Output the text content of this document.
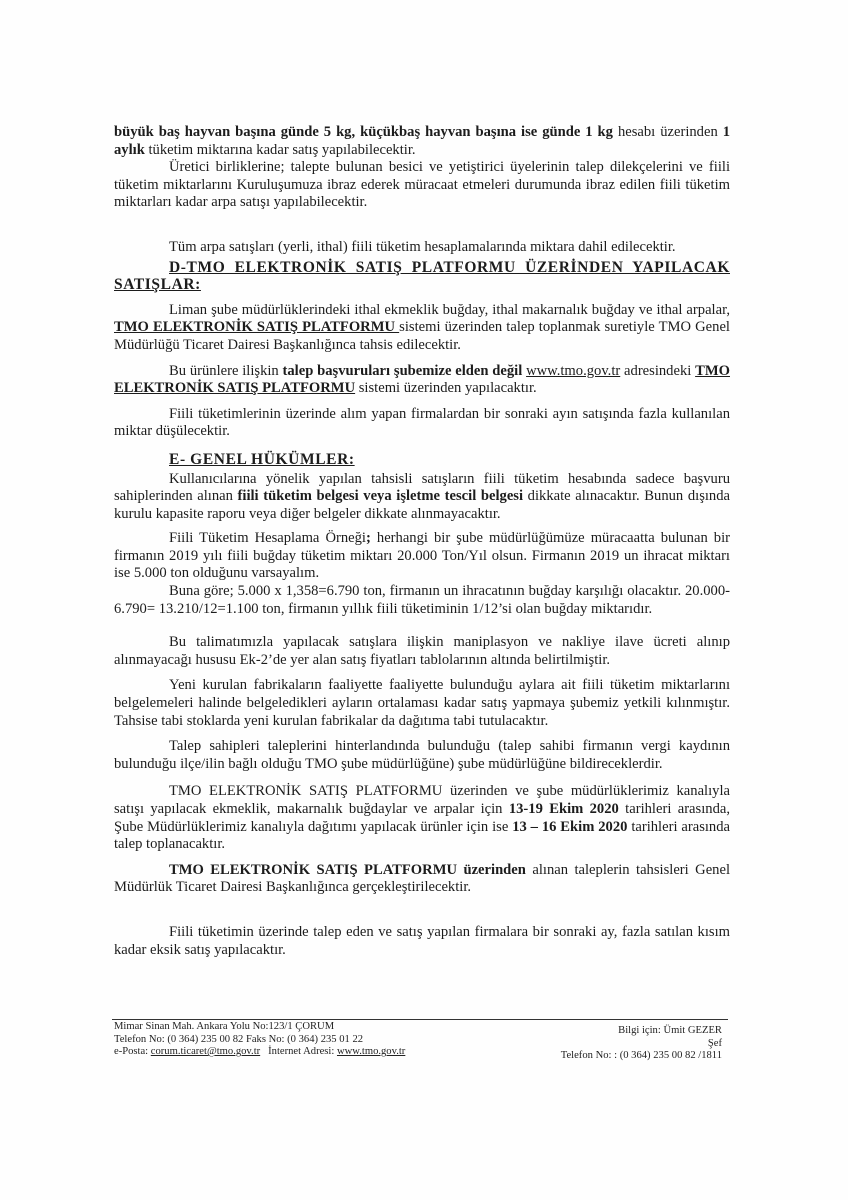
büyük baş hayvan başına günde 5 kg, küçükbaş hayvan başına ise günde 1 kg hesabı üzerinden 1 aylık tüketim miktarına kadar satış yapılabilecektir.

Üretici birliklerine; talepte bulunan besici ve yetiştirici üyelerinin talep dilekçelerini ve fiili tüketim miktarlarını Kuruluşumuza ibraz ederek müracaat etmeleri durumunda ibraz edilen fiili tüketim miktarları kadar arpa satışı yapılabilecektir.

Tüm arpa satışları (yerli, ithal) fiili tüketim hesaplamalarında miktara dahil edilecektir.

D-TMO ELEKTRONİK SATIŞ PLATFORMU ÜZERİNDEN YAPILACAK SATIŞLAR:

Liman şube müdürlüklerindeki ithal ekmeklik buğday, ithal makarnalık buğday ve ithal arpalar, TMO ELEKTRONİK SATIŞ PLATFORMU sistemi üzerinden talep toplanmak suretiyle TMO Genel Müdürlüğü Ticaret Dairesi Başkanlığınca tahsis edilecektir.

Bu ürünlere ilişkin talep başvuruları şubemize elden değil www.tmo.gov.tr adresindeki TMO ELEKTRONİK SATIŞ PLATFORMU sistemi üzerinden yapılacaktır.

Fiili tüketimlerinin üzerinde alım yapan firmalardan bir sonraki ayın satışında fazla kullanılan miktar düşülecektir.

E- GENEL HÜKÜMLER:

Kullanıcılarına yönelik yapılan tahsisli satışların fiili tüketim hesabında sadece başvuru sahiplerinden alınan fiili tüketim belgesi veya işletme tescil belgesi dikkate alınacaktır. Bunun dışında kurulu kapasite raporu veya diğer belgeler dikkate alınmayacaktır.

Fiili Tüketim Hesaplama Örneği; herhangi bir şube müdürlüğümüze müracaatta bulunan bir firmanın 2019 yılı fiili buğday tüketim miktarı 20.000 Ton/Yıl olsun. Firmanın 2019 un ihracat miktarı ise 5.000 ton olduğunu varsayalım.

Buna göre; 5.000 x 1,358=6.790 ton, firmanın un ihracatının buğday karşılığı olacaktır. 20.000-6.790= 13.210/12=1.100 ton, firmanın yıllık fiili tüketiminin 1/12’si olan buğday miktarıdır.

Bu talimatımızla yapılacak satışlara ilişkin maniplasyon ve nakliye ilave ücreti alınıp alınmayacağı hususu Ek-2’de yer alan satış fiyatları tablolarının altında belirtilmiştir.

Yeni kurulan fabrikaların faaliyette faaliyette bulunduğu aylara ait fiili tüketim miktarlarını belgelemeleri halinde belgeledikleri ayların ortalaması kadar satış yapmaya şubemiz yetkili kılınmıştır. Tahsise tabi stoklarda yeni kurulan fabrikalar da dağıtıma tabi tutulacaktır.

Talep sahipleri taleplerini hinterlandında bulunduğu (talep sahibi firmanın vergi kaydının bulunduğu ilçe/ilin bağlı olduğu TMO şube müdürlüğüne) şube müdürlüğüne bildireceklerdir.

TMO ELEKTRONİK SATIŞ PLATFORMU üzerinden ve şube müdürlüklerimiz kanalıyla satışı yapılacak ekmeklik, makarnalık buğdaylar ve arpalar için 13-19 Ekim 2020 tarihleri arasında, Şube Müdürlüklerimiz kanalıyla dağıtımı yapılacak ürünler için ise 13 – 16 Ekim 2020 tarihleri arasında talep toplanacaktır.

TMO ELEKTRONİK SATIŞ PLATFORMU üzerinden alınan taleplerin tahsisleri Genel Müdürlük Ticaret Dairesi Başkanlığınca gerçekleştirilecektir.

Fiili tüketimin üzerinde talep eden ve satış yapılan firmalara bir sonraki ay, fazla satılan kısım kadar eksik satış yapılacaktır.

Mimar Sinan Mah. Ankara Yolu No:123/1 ÇORUM
Telefon No: (0 364) 235 00 82 Faks No: (0 364) 235 01 22
e-Posta: corum.ticaret@tmo.gov.tr   İnternet Adresi: www.tmo.gov.tr
Bilgi için: Ümit GEZER
Şef
Telefon No: : (0 364) 235 00 82 /1811
